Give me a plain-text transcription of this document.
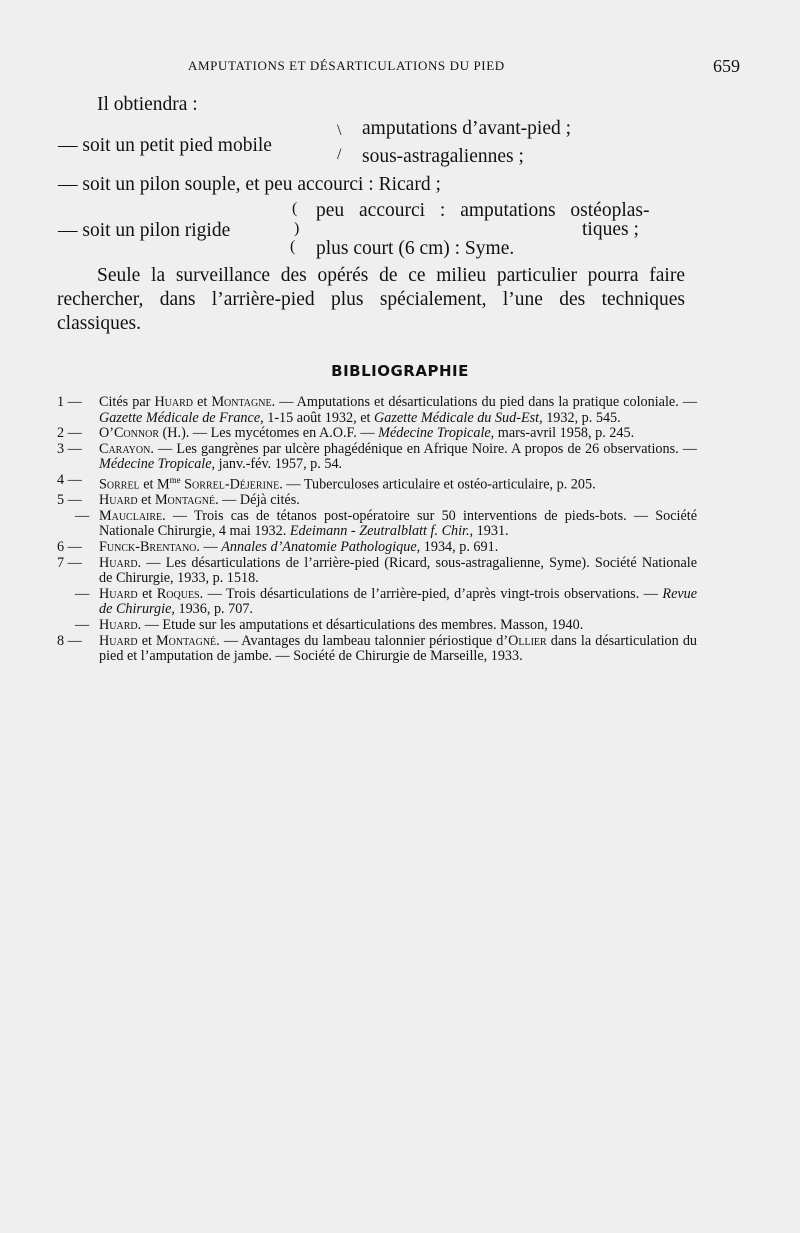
AMPUTATIONS ET DÉSARTICULATIONS DU PIED	659
Il obtiendra :
— soit un petit pied mobile
\
/
amputations d’avant-pied ;
sous-astragaliennes ;
— soit un pilon souple, et peu accourci : Ricard ;
— soit un pilon rigide
(
)
(
peu accourci : amputations ostéoplas-
tiques ;
plus court (6 cm) : Syme.
Seule la surveillance des opérés de ce milieu particulier pourra faire rechercher, dans l’arrière-pied plus spécialement, l’une des techniques classiques.
BIBLIOGRAPHIE
1 —	Cités par Huard et Montagne. — Amputations et désarticulations du pied dans la pratique coloniale. — Gazette Médicale de France, 1-15 août 1932, et Gazette Médicale du Sud-Est, 1932, p. 545.
2 —	O’Connor (H.). — Les mycétomes en A.O.F. — Médecine Tropicale, mars-avril 1958, p. 245.
3 —	Carayon. — Les gangrènes par ulcère phagédénique en Afrique Noire. A propos de 26 observations. — Médecine Tropicale, janv.-fév. 1957, p. 54.
4 —	Sorrel et $M^{me}$ Sorrel-Déjerine. — Tuberculoses articulaire et ostéo-articulaire, p. 205.
5 —	Huard et Montagné. — Déjà cités.
— Mauclaire. — Trois cas de tétanos post-opératoire sur 50 interventions de pieds-bots. — Société Nationale Chirurgie, 4 mai 1932. Edeimann - Zeutralblatt f. Chir., 1931.
6 —	Funck-Brentano. — Annales d’Anatomie Pathologique, 1934, p. 691.
7 —	Huard. — Les désarticulations de l’arrière-pied (Ricard, sous-astragalienne, Syme). Société Nationale de Chirurgie, 1933, p. 1518.
— Huard et Roques. — Trois désarticulations de l’arrière-pied, d’après vingt-trois observations. — Revue de Chirurgie, 1936, p. 707.
— Huard. — Etude sur les amputations et désarticulations des membres. Masson, 1940.
8 —	Huard et Montagné. — Avantages du lambeau talonnier périostique d’Ollier dans la désarticulation du pied et l’amputation de jambe. — Société de Chirurgie de Marseille, 1933.
